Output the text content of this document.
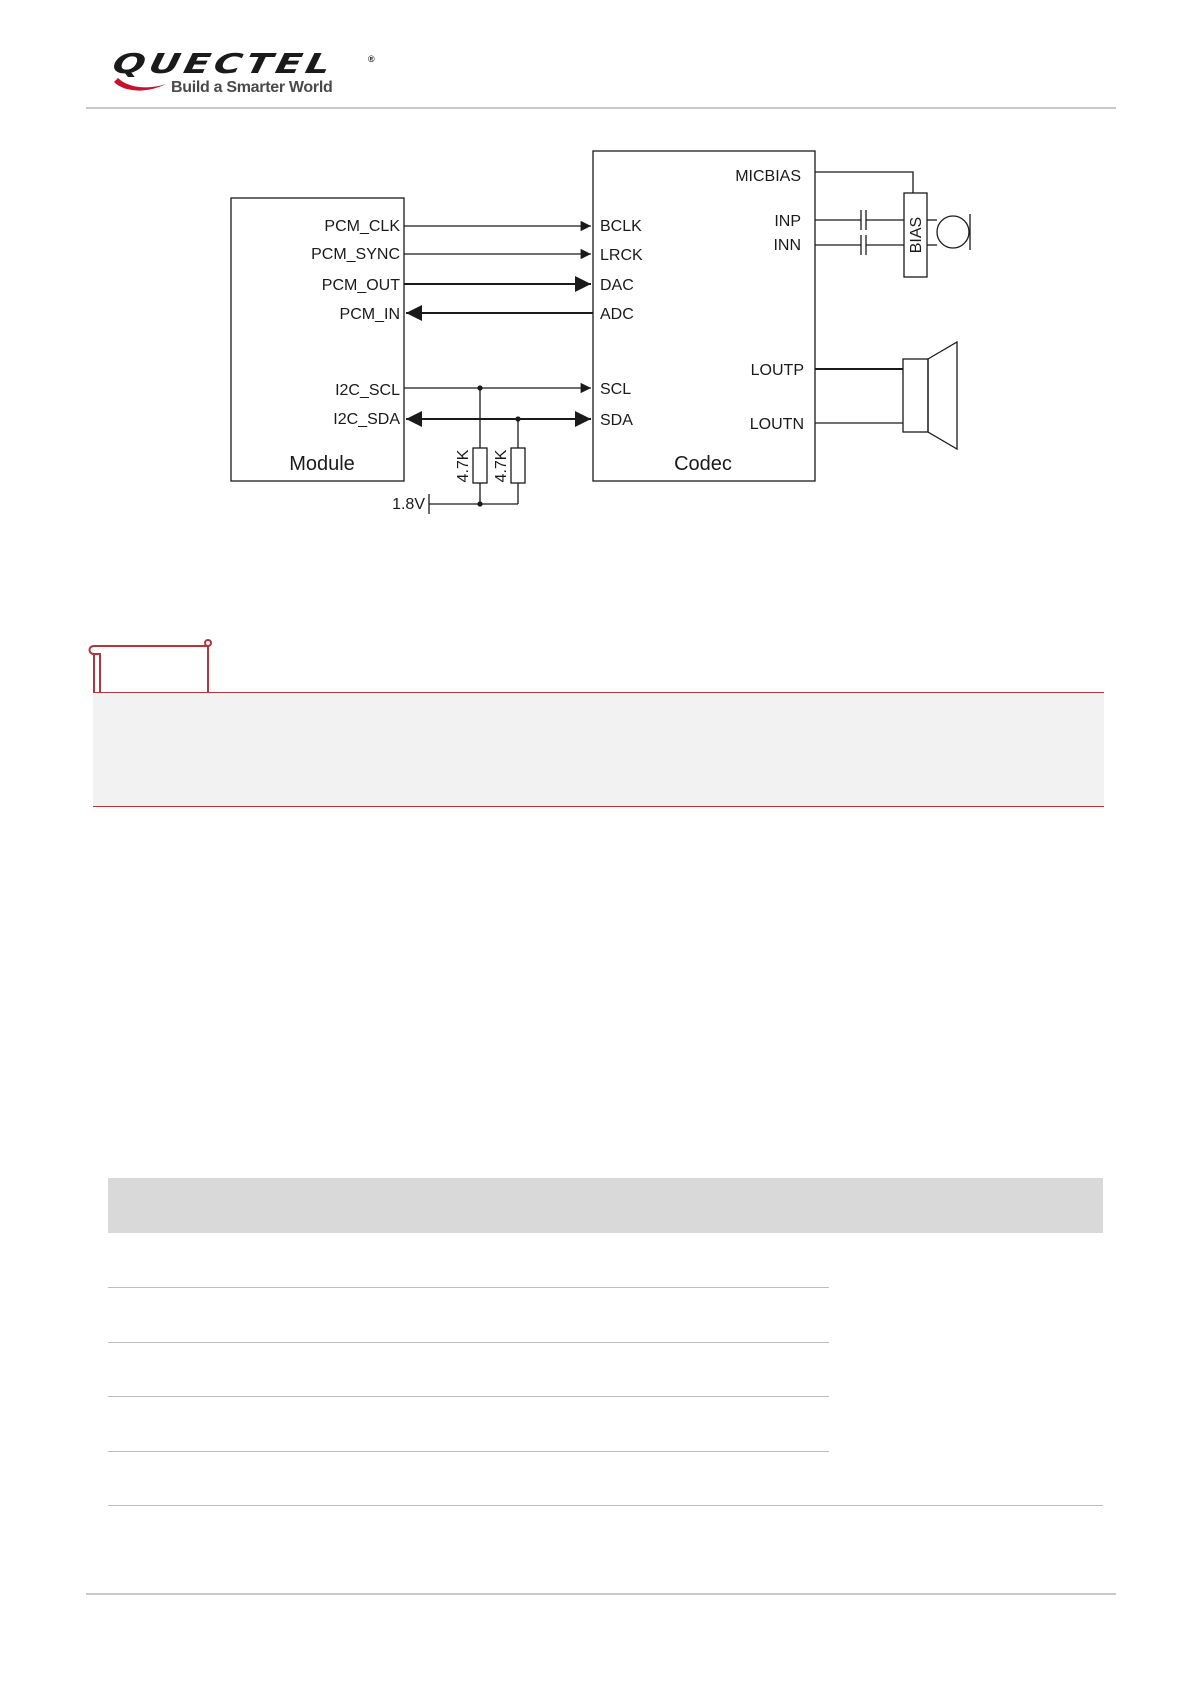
QUECTEL	®
Build a Smarter World
PCM_CLK
PCM_SYNC
PCM_OUT
PCM_IN
I2C_SCL
I2C_SDA
Module
BCLK
LRCK
DAC
ADC
SCL
SDA
Codec
MICBIAS
INP
INN
LOUTP
LOUTN
BIAS
4.7K 4.7K
1.8V
